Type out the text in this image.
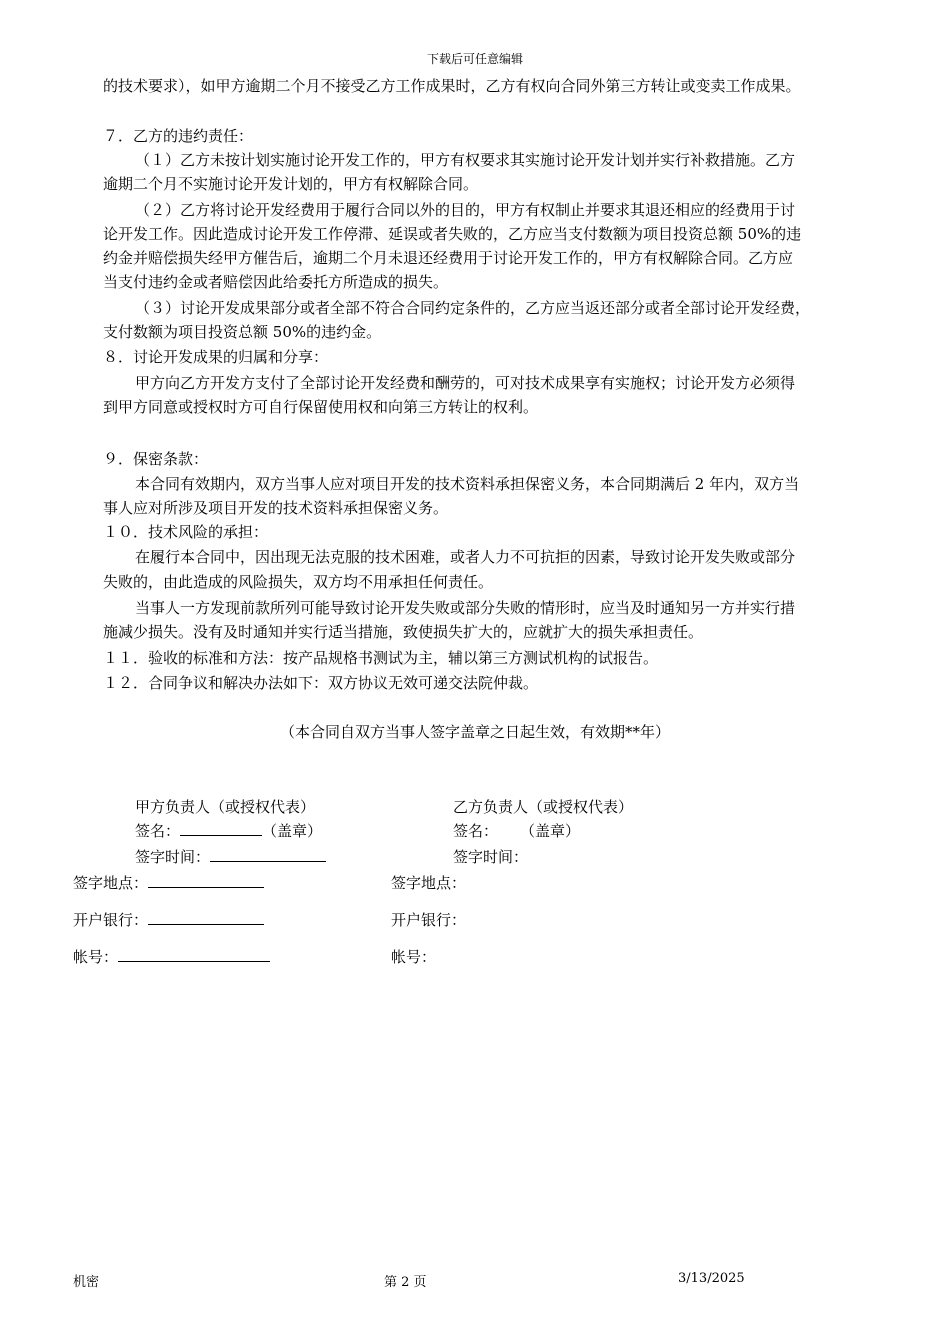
下载后可任意编辑
的技术要求），如甲方逾期二个月不接受乙方工作成果时，乙方有权向合同外第三方转让或变卖工作成果。
７．乙方的违约责任：
（１）乙方未按计划实施讨论开发工作的，甲方有权要求其实施讨论开发计划并实行补救措施。乙方
逾期二个月不实施讨论开发计划的，甲方有权解除合同。
（２）乙方将讨论开发经费用于履行合同以外的目的，甲方有权制止并要求其退还相应的经费用于讨
论开发工作。因此造成讨论开发工作停滞、延误或者失败的，乙方应当支付数额为项目投资总额 50%的违
约金并赔偿损失经甲方催告后，逾期二个月未退还经费用于讨论开发工作的，甲方有权解除合同。乙方应
当支付违约金或者赔偿因此给委托方所造成的损失。
（３）讨论开发成果部分或者全部不符合合同约定条件的，乙方应当返还部分或者全部讨论开发经费，
支付数额为项目投资总额 50%的违约金。
８．讨论开发成果的归属和分享：
甲方向乙方开发方支付了全部讨论开发经费和酬劳的，可对技术成果享有实施权；讨论开发方必须得
到甲方同意或授权时方可自行保留使用权和向第三方转让的权利。
９．保密条款：
本合同有效期内，双方当事人应对项目开发的技术资料承担保密义务，本合同期满后 2 年内，双方当
事人应对所涉及项目开发的技术资料承担保密义务。
１０．技术风险的承担：
在履行本合同中，因出现无法克服的技术困难，或者人力不可抗拒的因素，导致讨论开发失败或部分
失败的，由此造成的风险损失，双方均不用承担任何责任。
当事人一方发现前款所列可能导致讨论开发失败或部分失败的情形时，应当及时通知另一方并实行措
施减少损失。没有及时通知并实行适当措施，致使损失扩大的，应就扩大的损失承担责任。
１１．验收的标准和方法：按产品规格书测试为主，辅以第三方测试机构的试报告。
１２．合同争议和解决办法如下：双方协议无效可递交法院仲裁。
（本合同自双方当事人签字盖章之日起生效，有效期**年）
甲方负责人（或授权代表）
签名：	（盖章）
签字时间：
乙方负责人（或授权代表）
签名： （盖章）
签字时间：
签字地点：	签字地点：
开户银行：	开户银行：
帐号：	帐号：
机密	第 2 页	3/13/2025
